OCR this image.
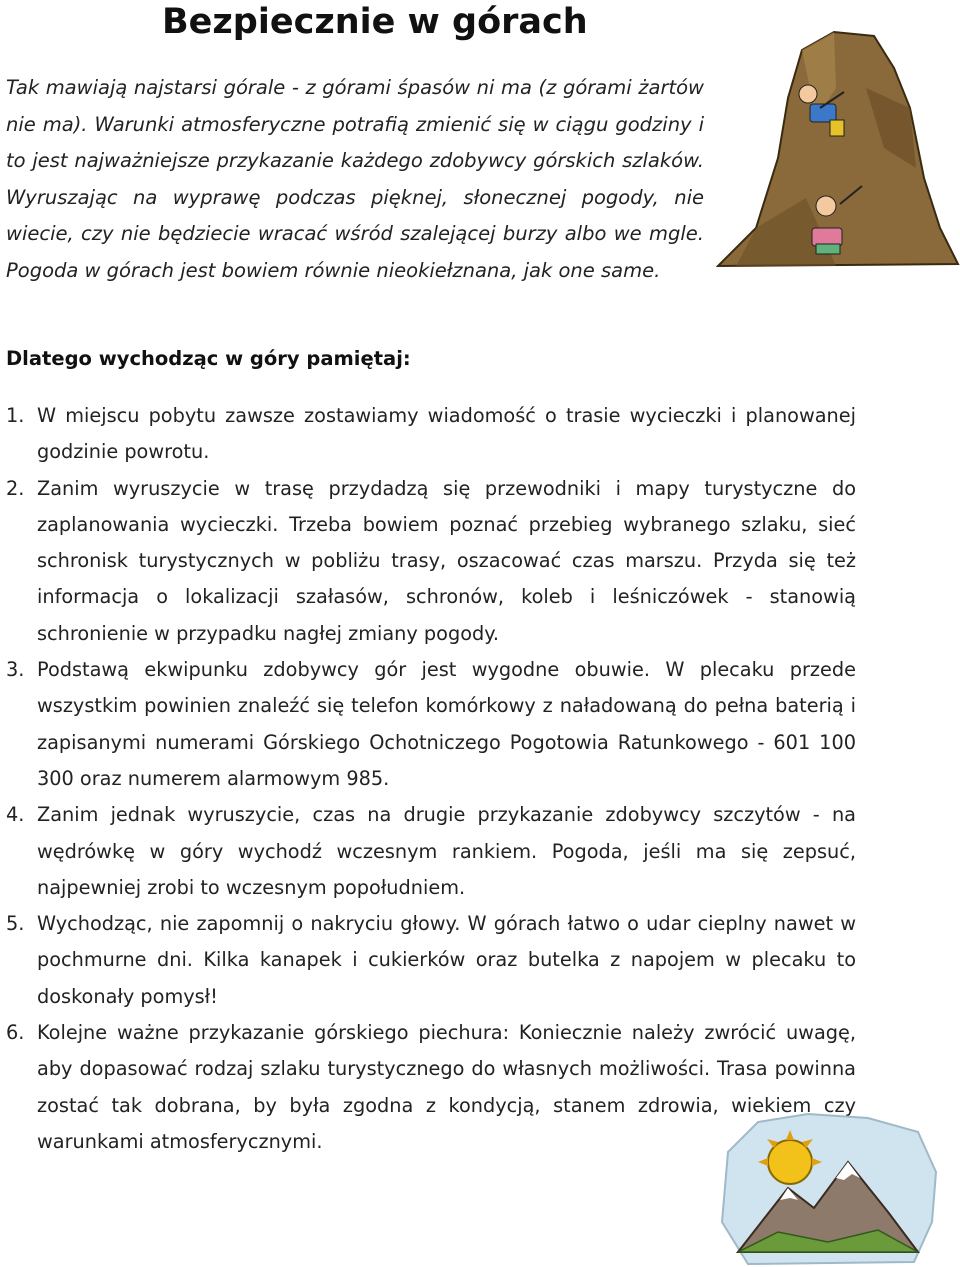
Bezpiecznie w górach

Tak mawiają najstarsi górale - z górami śpasów ni ma (z górami żartów nie ma). Warunki atmosferyczne potrafią zmienić się w ciągu godziny i to jest najważniejsze przykazanie każdego zdobywcy górskich szlaków. Wyruszając na wyprawę podczas pięknej, słonecznej pogody, nie wiecie, czy nie będziecie wracać wśród szalejącej burzy albo we mgle. Pogoda w górach jest bowiem równie nieokiełznana, jak one same.

Dlatego wychodząc w góry pamiętaj:
1. W miejscu pobytu zawsze zostawiamy wiadomość o trasie wycieczki i planowanej godzinie powrotu.
2. Zanim wyruszycie w trasę przydadzą się przewodniki i mapy turystyczne do zaplanowania wycieczki. Trzeba bowiem poznać przebieg wybranego szlaku, sieć schronisk turystycznych w pobliżu trasy, oszacować czas marszu. Przyda się też informacja o lokalizacji szałasów, schronów, koleb i leśniczówek - stanowią schronienie w przypadku nagłej zmiany pogody.
3. Podstawą ekwipunku zdobywcy gór jest wygodne obuwie. W plecaku przede wszystkim powinien znaleźć się telefon komórkowy z naładowaną do pełna baterią i zapisanymi numerami Górskiego Ochotniczego Pogotowia Ratunkowego - 601 100 300 oraz numerem alarmowym 985.
4. Zanim jednak wyruszycie, czas na drugie przykazanie zdobywcy szczytów - na wędrówkę w góry wychodź wczesnym rankiem. Pogoda, jeśli ma się zepsuć, najpewniej zrobi to wczesnym popołudniem.
5. Wychodząc, nie zapomnij o nakryciu głowy. W górach łatwo o udar cieplny nawet w pochmurne dni. Kilka kanapek i cukierków oraz butelka z napojem w plecaku to doskonały pomysł!
6. Kolejne ważne przykazanie górskiego piechura: Koniecznie należy zwrócić uwagę, aby dopasować rodzaj szlaku turystycznego do własnych możliwości. Trasa powinna zostać tak dobrana, by była zgodna z kondycją, stanem zdrowia, wiekiem czy warunkami atmosferycznymi.
